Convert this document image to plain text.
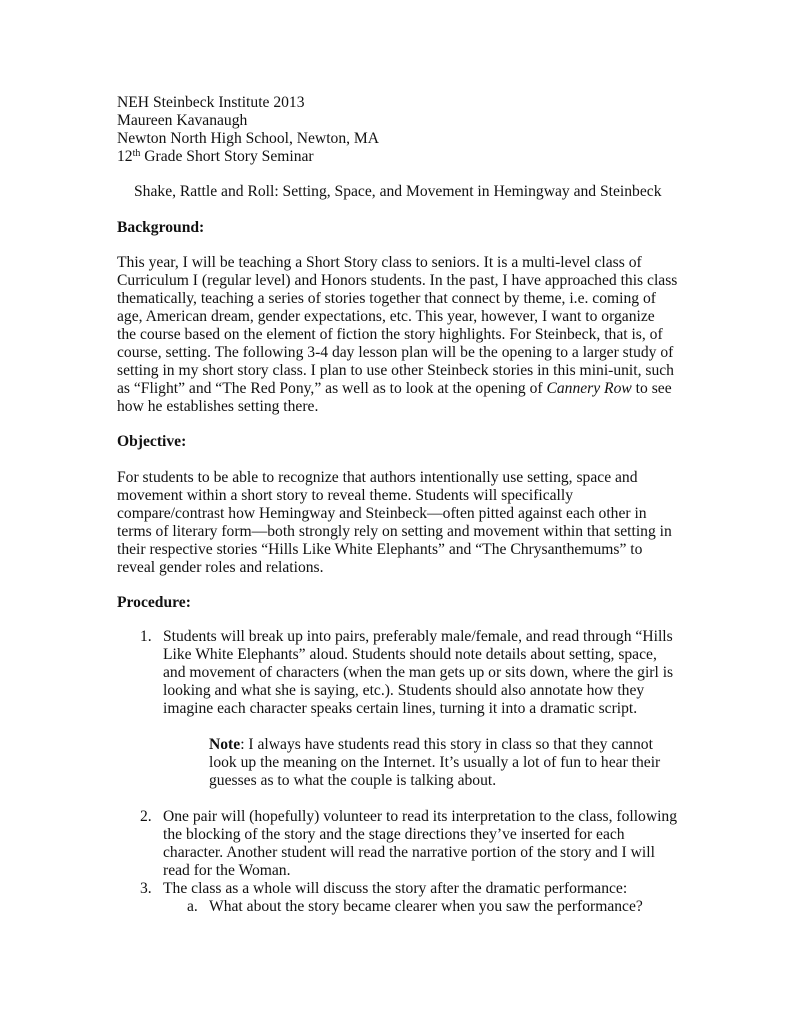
NEH Steinbeck Institute 2013
Maureen Kavanaugh
Newton North High School, Newton, MA
12th Grade Short Story Seminar
Shake, Rattle and Roll: Setting, Space, and Movement in Hemingway and Steinbeck
Background:
This year, I will be teaching a Short Story class to seniors. It is a multi-level class of
Curriculum I (regular level) and Honors students. In the past, I have approached this class
thematically, teaching a series of stories together that connect by theme, i.e. coming of
age, American dream, gender expectations, etc. This year, however, I want to organize
the course based on the element of fiction the story highlights. For Steinbeck, that is, of
course, setting. The following 3-4 day lesson plan will be the opening to a larger study of
setting in my short story class. I plan to use other Steinbeck stories in this mini-unit, such
as “Flight” and “The Red Pony,” as well as to look at the opening of Cannery Row to see
how he establishes setting there.
Objective:
For students to be able to recognize that authors intentionally use setting, space and
movement within a short story to reveal theme. Students will specifically
compare/contrast how Hemingway and Steinbeck—often pitted against each other in
terms of literary form—both strongly rely on setting and movement within that setting in
their respective stories “Hills Like White Elephants” and “The Chrysanthemums” to
reveal gender roles and relations.
Procedure:
1. Students will break up into pairs, preferably male/female, and read through “Hills
Like White Elephants” aloud. Students should note details about setting, space,
and movement of characters (when the man gets up or sits down, where the girl is
looking and what she is saying, etc.). Students should also annotate how they
imagine each character speaks certain lines, turning it into a dramatic script.
Note: I always have students read this story in class so that they cannot
look up the meaning on the Internet. It’s usually a lot of fun to hear their
guesses as to what the couple is talking about.
2. One pair will (hopefully) volunteer to read its interpretation to the class, following
the blocking of the story and the stage directions they’ve inserted for each
character. Another student will read the narrative portion of the story and I will
read for the Woman.
3. The class as a whole will discuss the story after the dramatic performance:
a. What about the story became clearer when you saw the performance?
